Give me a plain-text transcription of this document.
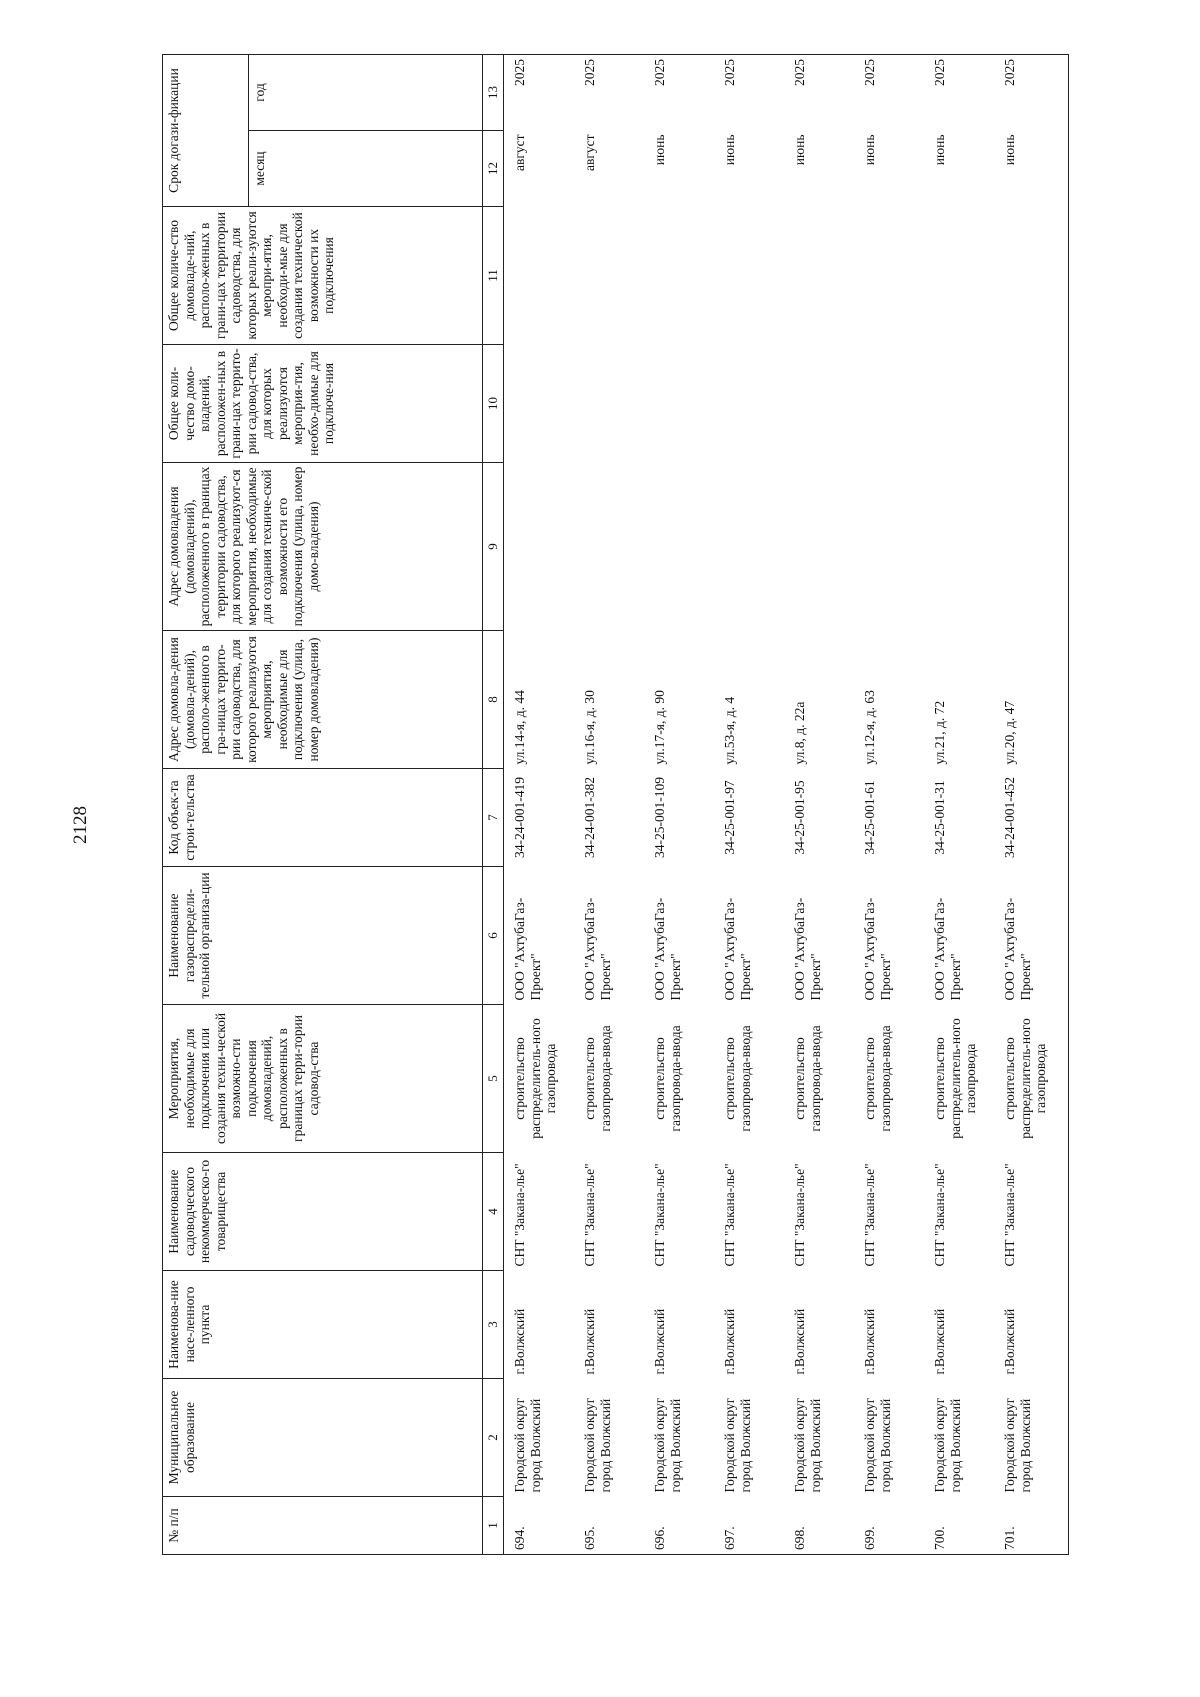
2128
№ п/п	Муниципальное образование	Наименова-ние насе-ленного пункта	Наименование садоводческого некоммерческо-го товарищества	Мероприятия, необходимые для подключения или создания техни-ческой возможно-сти подключения домовладений, расположенных в границах терри-тории садовод-ства	Наименование газораспредели-тельной организа-ции	Код объек-та строи-тельства	Адрес домовла-дения (домовла-дений), располо-женного в гра-ницах террито-рии садоводства, для которого реализуются мероприятия, необходимые для подключения (улица, номер домовладения)	Адрес домовладения (домовладений), расположенного в границах территории садоводства, для которого реализуют-ся мероприятия, необходимые для создания техниче-ской возможности его подключения (улица, номер домо-владения)	Общее коли-чество домо-владений, расположен-ных в грани-цах террито-рии садовод-ства, для которых реализуются мероприя-тия, необхо-димые для подключе-ния	Общее количе-ство домовладе-ний, располо-женных в грани-цах территории садоводства, для которых реали-зуются меропри-ятия, необходи-мые для создания технической возможности их подключения	Срок догази-фикации	
											месяц	год
1	2	3	4	5	6	7	8	9	10	11	12	13
694.	Городской округ город Волжский	г.Волжский	СНТ "Закана-лье"	строительство распределитель-ного газопровода	ООО "АхтубаГаз-Проект"	34-24-001-419	ул.14-я, д. 44				август	2025
695.	Городской округ город Волжский	г.Волжский	СНТ "Закана-лье"	строительство газопровода-ввода	ООО "АхтубаГаз-Проект"	34-24-001-382	ул.16-я, д. 30				август	2025
696.	Городской округ город Волжский	г.Волжский	СНТ "Закана-лье"	строительство газопровода-ввода	ООО "АхтубаГаз-Проект"	34-25-001-109	ул.17-я, д. 90				июнь	2025
697.	Городской округ город Волжский	г.Волжский	СНТ "Закана-лье"	строительство газопровода-ввода	ООО "АхтубаГаз-Проект"	34-25-001-97	ул.53-я, д. 4				июнь	2025
698.	Городской округ город Волжский	г.Волжский	СНТ "Закана-лье"	строительство газопровода-ввода	ООО "АхтубаГаз-Проект"	34-25-001-95	ул.8, д. 22а				июнь	2025
699.	Городской округ город Волжский	г.Волжский	СНТ "Закана-лье"	строительство газопровода-ввода	ООО "АхтубаГаз-Проект"	34-25-001-61	ул.12-я, д. 63				июнь	2025
700.	Городской округ город Волжский	г.Волжский	СНТ "Закана-лье"	строительство распределитель-ного газопровода	ООО "АхтубаГаз-Проект"	34-25-001-31	ул.21, д. 72				июнь	2025
701.	Городской округ город Волжский	г.Волжский	СНТ "Закана-лье"	строительство распределитель-ного газопровода	ООО "АхтубаГаз-Проект"	34-24-001-452	ул.20, д. 47				июнь	2025
